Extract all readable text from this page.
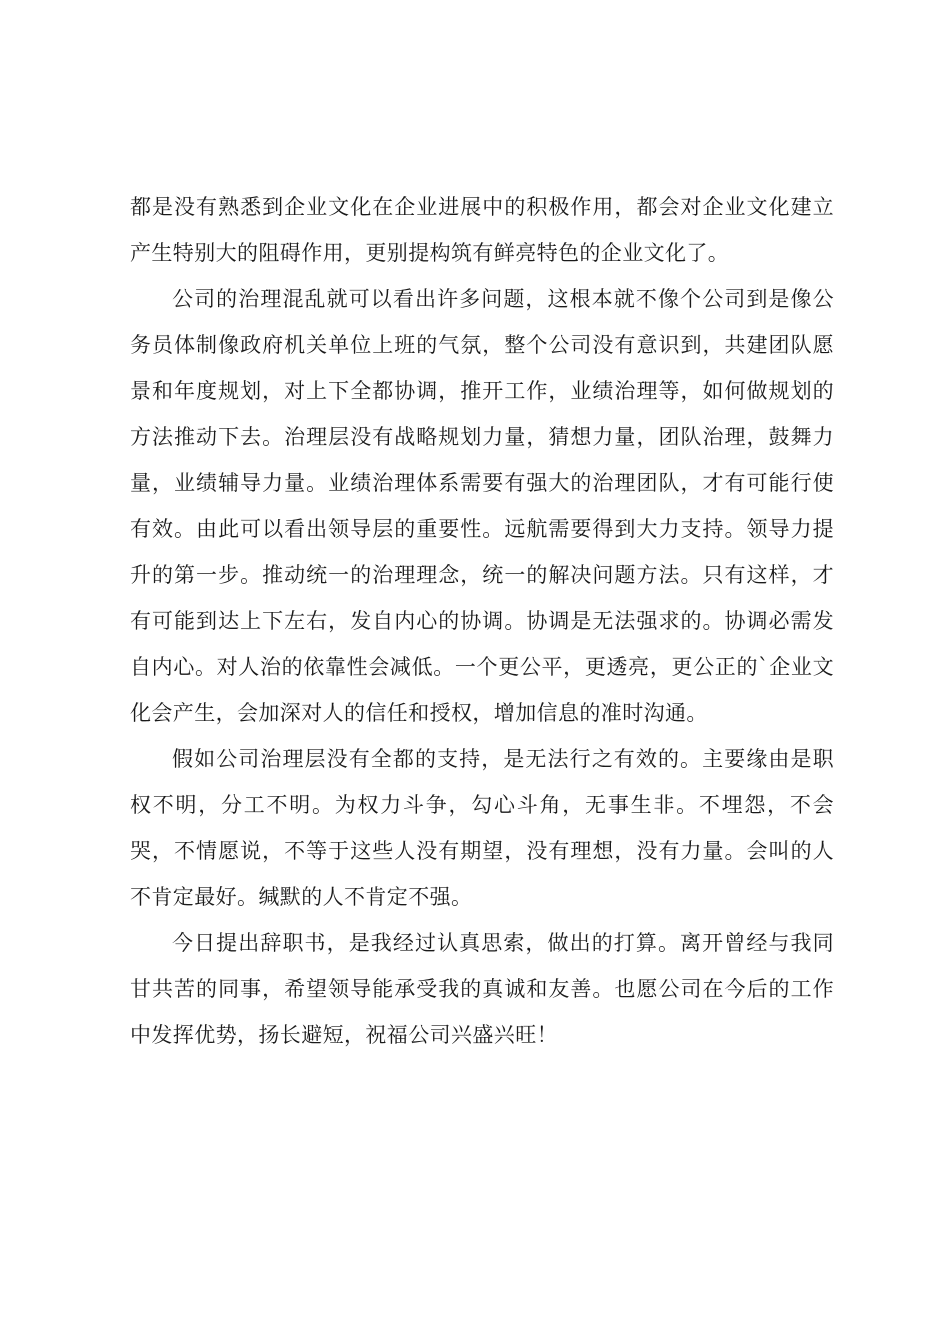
都是没有熟悉到企业文化在企业进展中的积极作用，都会对企业文化建立产生特别大的阻碍作用，更别提构筑有鲜亮特色的企业文化了。

公司的治理混乱就可以看出许多问题，这根本就不像个公司到是像公务员体制像政府机关单位上班的气氛，整个公司没有意识到，共建团队愿景和年度规划，对上下全都协调，推开工作，业绩治理等，如何做规划的方法推动下去。治理层没有战略规划力量，猜想力量，团队治理，鼓舞力量，业绩辅导力量。业绩治理体系需要有强大的治理团队，才有可能行使有效。由此可以看出领导层的重要性。远航需要得到大力支持。领导力提升的第一步。推动统一的治理理念，统一的解决问题方法。只有这样，才有可能到达上下左右，发自内心的协调。协调是无法强求的。协调必需发自内心。对人治的依靠性会减低。一个更公平，更透亮，更公正的`企业文化会产生，会加深对人的信任和授权，增加信息的准时沟通。

假如公司治理层没有全都的支持，是无法行之有效的。主要缘由是职权不明，分工不明。为权力斗争，勾心斗角，无事生非。不埋怨，不会哭，不情愿说，不等于这些人没有期望，没有理想，没有力量。会叫的人不肯定最好。缄默的人不肯定不强。

今日提出辞职书，是我经过认真思索，做出的打算。离开曾经与我同甘共苦的同事，希望领导能承受我的真诚和友善。也愿公司在今后的工作中发挥优势，扬长避短，祝福公司兴盛兴旺！
